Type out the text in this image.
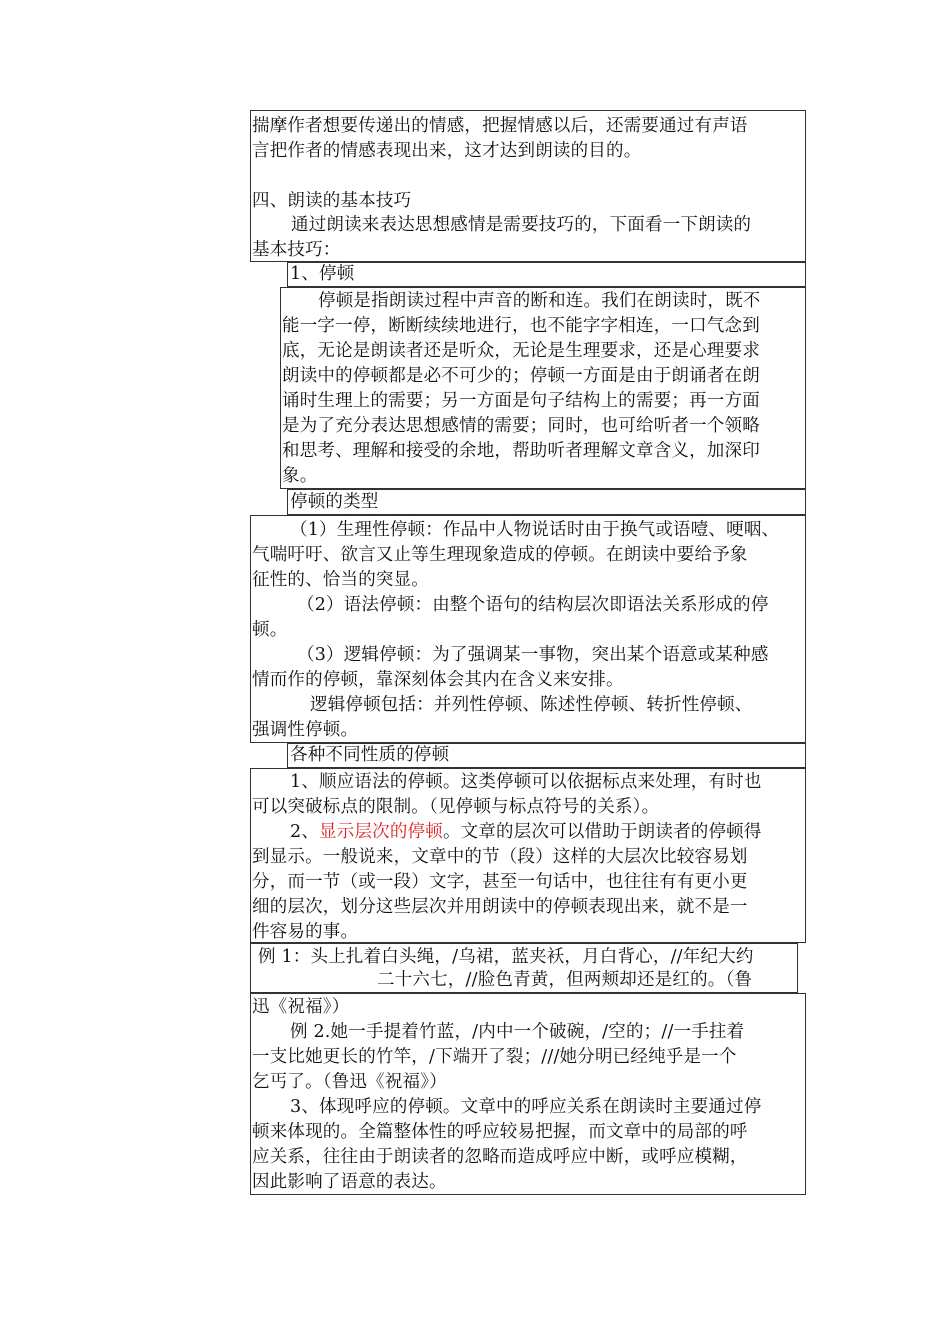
揣摩作者想要传递出的情感，把握情感以后，还需要通过有声语
言把作者的情感表现出来，这才达到朗读的目的。
四、朗读的基本技巧
通过朗读来表达思想感情是需要技巧的，下面看一下朗读的
基本技巧：
1、停顿
停顿是指朗读过程中声音的断和连。我们在朗读时，既不
能一字一停，断断续续地进行，也不能字字相连，一口气念到
底，无论是朗读者还是听众，无论是生理要求，还是心理要求
朗读中的停顿都是必不可少的；停顿一方面是由于朗诵者在朗
诵时生理上的需要；另一方面是句子结构上的需要；再一方面
是为了充分表达思想感情的需要；同时，也可给听者一个领略
和思考、理解和接受的余地，帮助听者理解文章含义，加深印
象。
停顿的类型
（1）生理性停顿：作品中人物说话时由于换气或语噎、哽咽、
气喘吁吁、欲言又止等生理现象造成的停顿。在朗读中要给予象
征性的、恰当的突显。
（2）语法停顿：由整个语句的结构层次即语法关系形成的停
顿。
（3）逻辑停顿：为了强调某一事物，突出某个语意或某种感
情而作的停顿，靠深刻体会其内在含义来安排。
逻辑停顿包括：并列性停顿、陈述性停顿、转折性停顿、
强调性停顿。
各种不同性质的停顿
1、顺应语法的停顿。这类停顿可以依据标点来处理，有时也
可以突破标点的限制。（见停顿与标点符号的关系）。
2、显示层次的停顿。文章的层次可以借助于朗读者的停顿得
到显示。一般说来，文章中的节（段）这样的大层次比较容易划
分，而一节（或一段）文字，甚至一句话中，也往往有有更小更
细的层次，划分这些层次并用朗读中的停顿表现出来，就不是一
件容易的事。
例 1：头上扎着白头绳，/乌裙，蓝夹袄，月白背心，//年纪大约
二十六七，//脸色青黄，但两颊却还是红的。（鲁
迅《祝福》）
例 2.她一手提着竹蓝，/内中一个破碗，/空的；//一手拄着
一支比她更长的竹竿，/下端开了裂；///她分明已经纯乎是一个
乞丐了。（鲁迅《祝福》）
3、体现呼应的停顿。文章中的呼应关系在朗读时主要通过停
顿来体现的。全篇整体性的呼应较易把握，而文章中的局部的呼
应关系，往往由于朗读者的忽略而造成呼应中断，或呼应模糊，
因此影响了语意的表达。
